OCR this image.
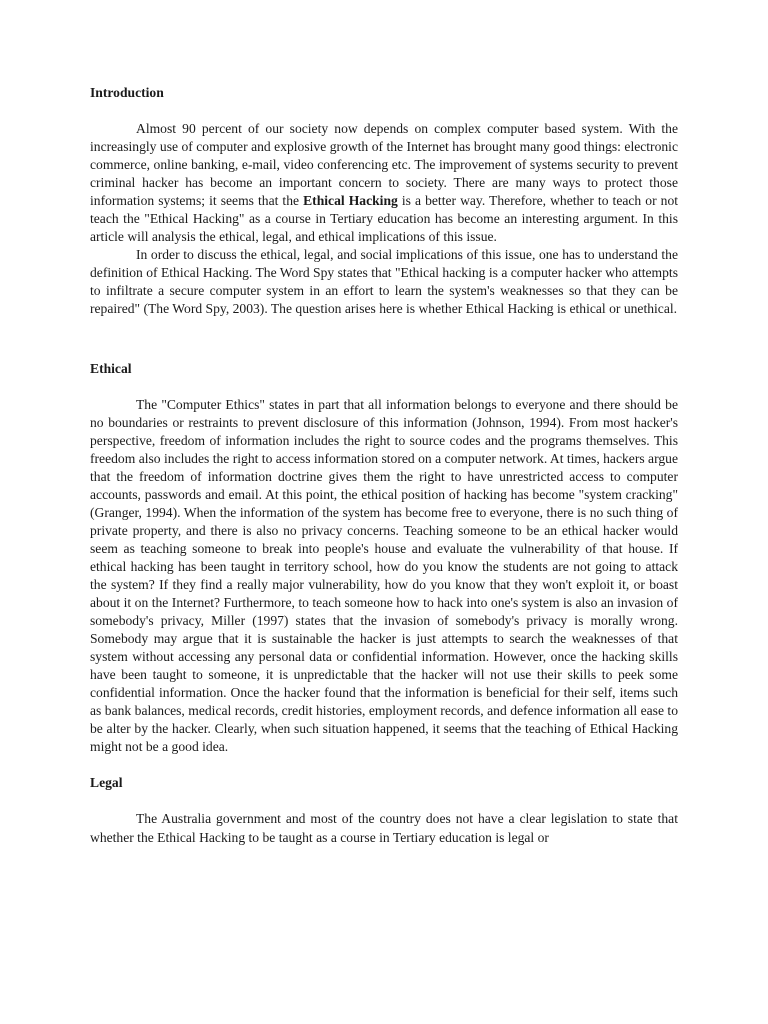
Introduction

Almost 90 percent of our society now depends on complex computer based system. With the increasingly use of computer and explosive growth of the Internet has brought many good things: electronic commerce, online banking, e-mail, video conferencing etc. The improvement of systems security to prevent criminal hacker has become an important concern to society. There are many ways to protect those information systems; it seems that the Ethical Hacking is a better way. Therefore, whether to teach or not teach the "Ethical Hacking" as a course in Tertiary education has become an interesting argument. In this article will analysis the ethical, legal, and ethical implications of this issue.

In order to discuss the ethical, legal, and social implications of this issue, one has to understand the definition of Ethical Hacking. The Word Spy states that "Ethical hacking is a computer hacker who attempts to infiltrate a secure computer system in an effort to learn the system's weaknesses so that they can be repaired" (The Word Spy, 2003). The question arises here is whether Ethical Hacking is ethical or unethical.

Ethical

The "Computer Ethics" states in part that all information belongs to everyone and there should be no boundaries or restraints to prevent disclosure of this information (Johnson, 1994). From most hacker's perspective, freedom of information includes the right to source codes and the programs themselves. This freedom also includes the right to access information stored on a computer network. At times, hackers argue that the freedom of information doctrine gives them the right to have unrestricted access to computer accounts, passwords and email. At this point, the ethical position of hacking has become "system cracking" (Granger, 1994). When the information of the system has become free to everyone, there is no such thing of private property, and there is also no privacy concerns. Teaching someone to be an ethical hacker would seem as teaching someone to break into people's house and evaluate the vulnerability of that house. If ethical hacking has been taught in territory school, how do you know the students are not going to attack the system? If they find a really major vulnerability, how do you know that they won't exploit it, or boast about it on the Internet? Furthermore, to teach someone how to hack into one's system is also an invasion of somebody's privacy, Miller (1997) states that the invasion of somebody's privacy is morally wrong. Somebody may argue that it is sustainable the hacker is just attempts to search the weaknesses of that system without accessing any personal data or confidential information. However, once the hacking skills have been taught to someone, it is unpredictable that the hacker will not use their skills to peek some confidential information. Once the hacker found that the information is beneficial for their self, items such as bank balances, medical records, credit histories, employment records, and defence information all ease to be alter by the hacker. Clearly, when such situation happened, it seems that the teaching of Ethical Hacking might not be a good idea.

Legal

The Australia government and most of the country does not have a clear legislation to state that whether the Ethical Hacking to be taught as a course in Tertiary education is legal or
